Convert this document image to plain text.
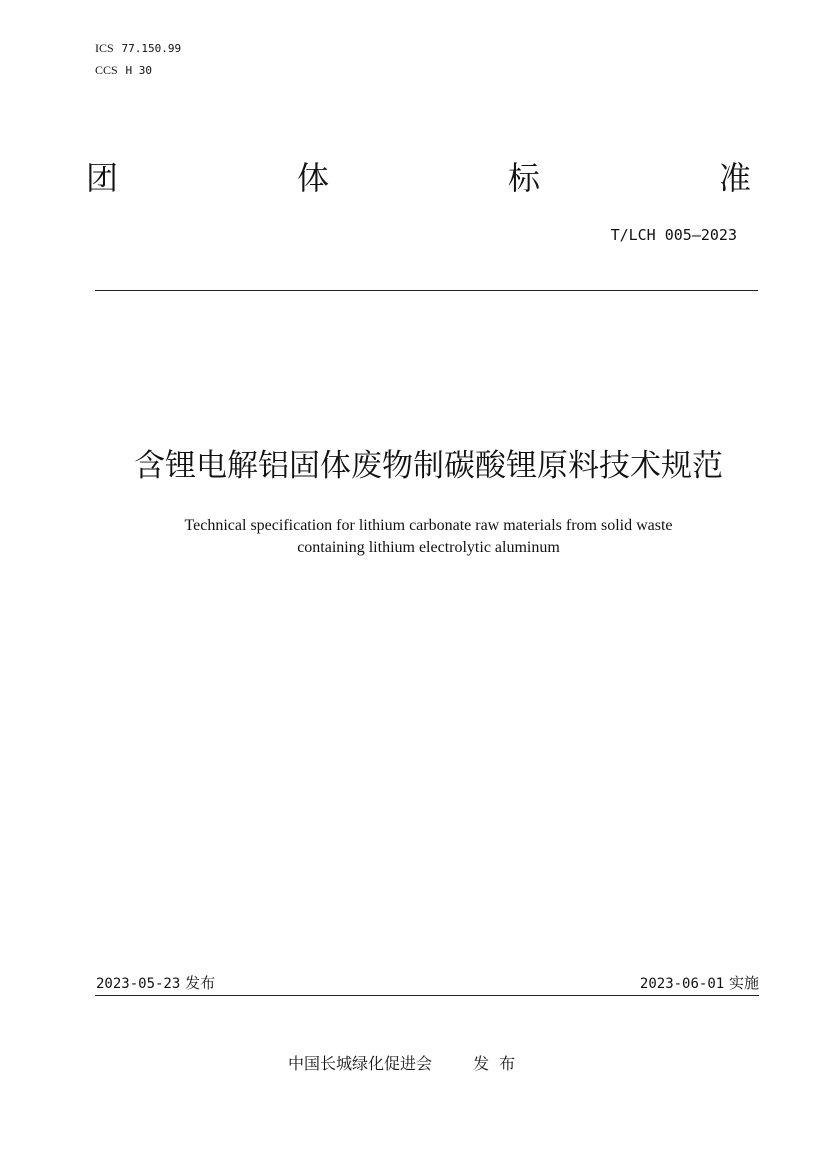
ICS 77.150.99
CCS H 30
团	体	标	准
T/LCH 005—2023
含锂电解铝固体废物制碳酸锂原料技术规范
Technical specification for lithium carbonate raw materials from solid waste
containing lithium electrolytic aluminum
2023-05-23 发布	2023-06-01 实施
中国长城绿化促进会	发布
